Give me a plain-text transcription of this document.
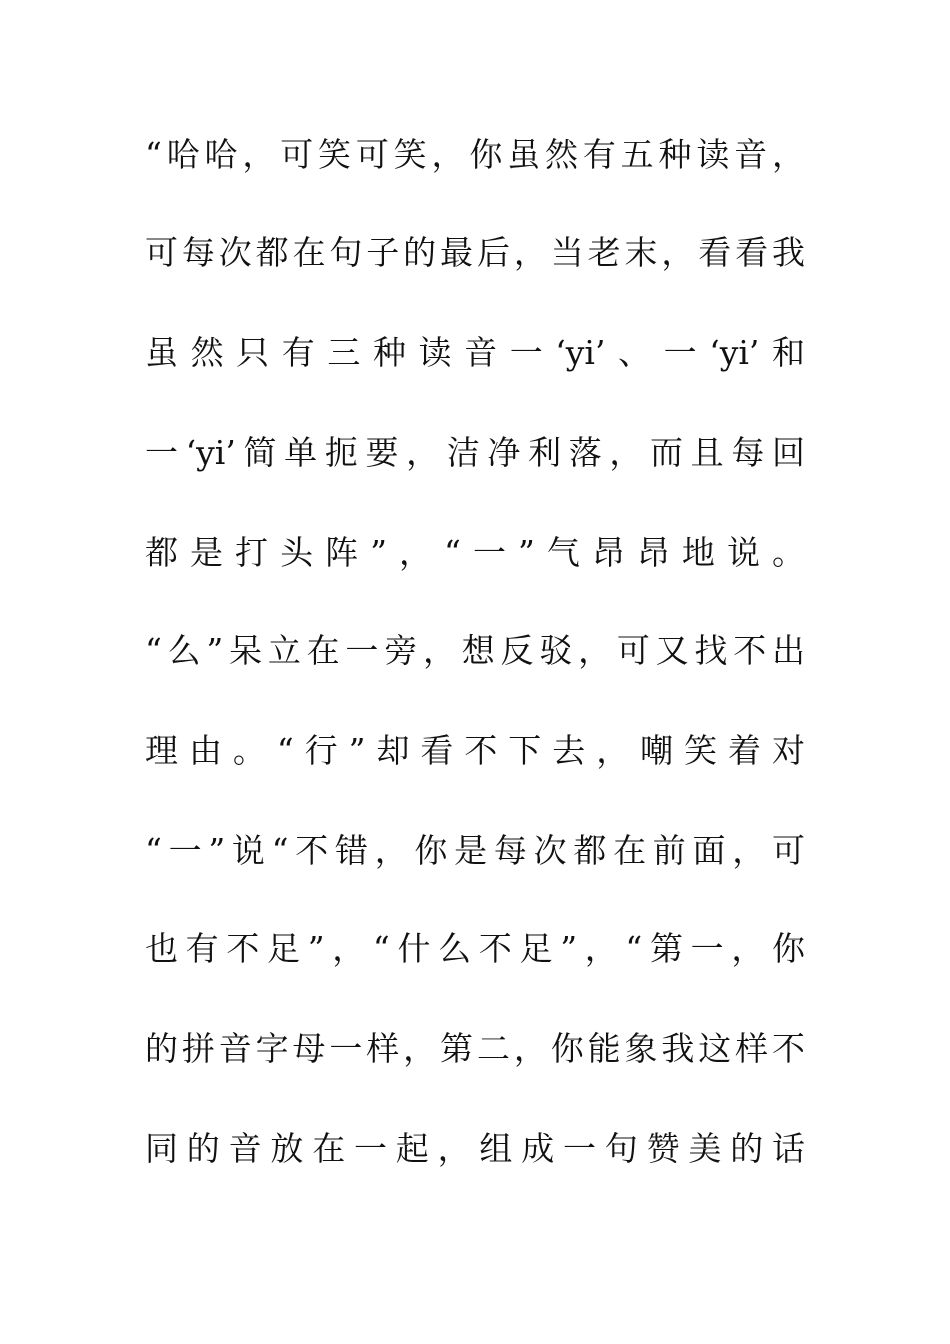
“哈哈，可笑可笑，你虽然有五种读音，
可每次都在句子的最后，当老末，看看我
虽然只有三种读音一‘yi’、一‘yi’和
一‘yi’简单扼要，洁净利落，而且每回
都是打头阵”，“一”气昂昂地说。
“么”呆立在一旁，想反驳，可又找不出
理由。“行”却看不下去，嘲笑着对
“一”说“不错，你是每次都在前面，可
也有不足”，“什么不足”，“第一，你
的拼音字母一样，第二，你能象我这样不
同的音放在一起，组成一句赞美的话
